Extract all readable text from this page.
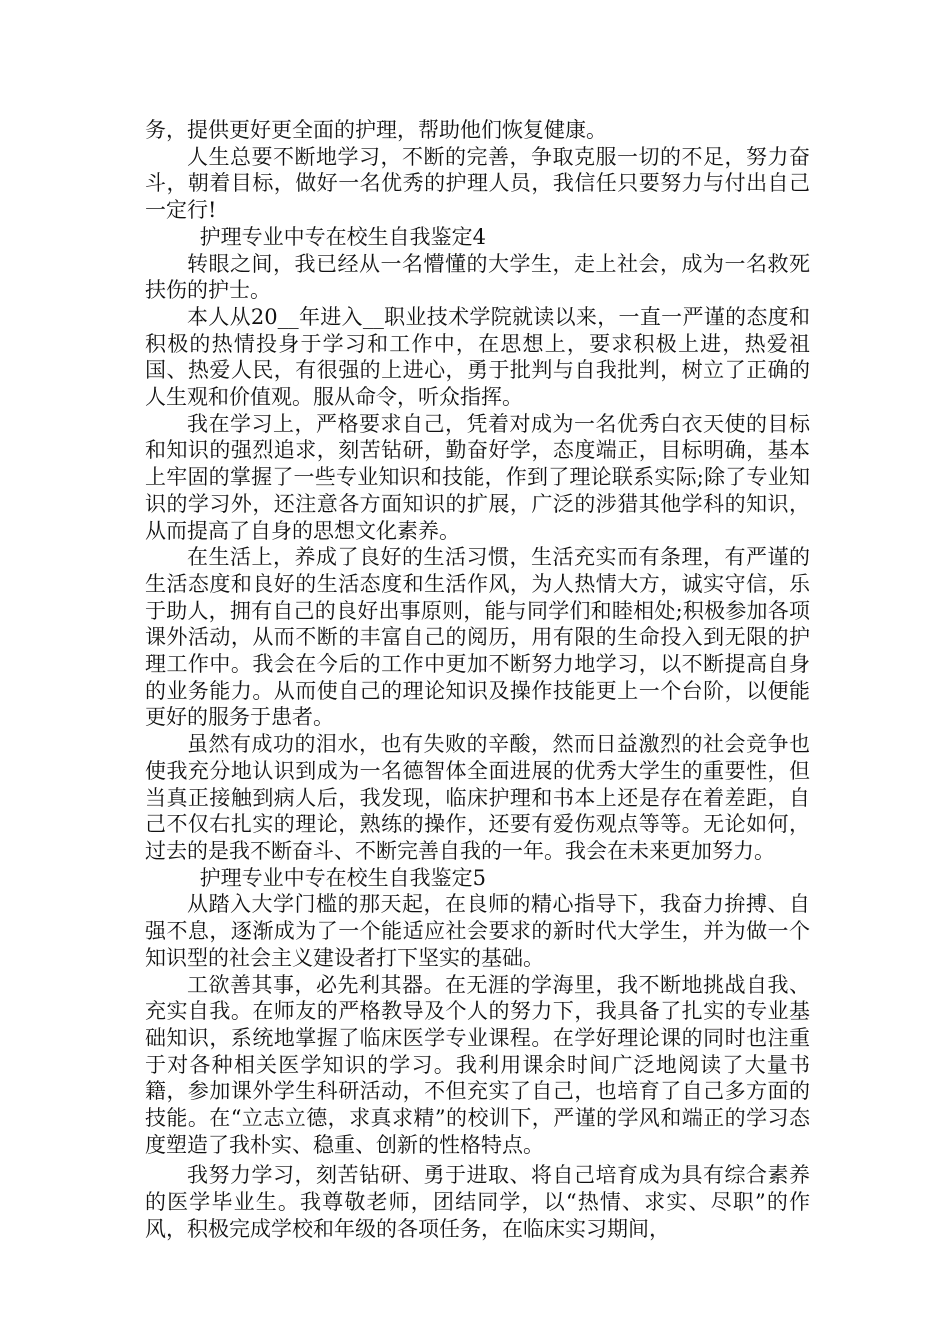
务，提供更好更全面的护理，帮助他们恢复健康。

人生总要不断地学习，不断的完善，争取克服一切的不足，努力奋斗，朝着目标，做好一名优秀的护理人员，我信任只要努力与付出自己一定行!

护理专业中专在校生自我鉴定4

转眼之间，我已经从一名懵懂的大学生，走上社会，成为一名救死扶伤的护士。

本人从20__年进入__职业技术学院就读以来，一直一严谨的态度和积极的热情投身于学习和工作中，在思想上，要求积极上进，热爱祖国、热爱人民，有很强的上进心，勇于批判与自我批判，树立了正确的人生观和价值观。服从命令，听众指挥。

我在学习上，严格要求自己，凭着对成为一名优秀白衣天使的目标和知识的强烈追求，刻苦钻研，勤奋好学，态度端正，目标明确，基本上牢固的掌握了一些专业知识和技能，作到了理论联系实际;除了专业知识的学习外，还注意各方面知识的扩展，广泛的涉猎其他学科的知识，从而提高了自身的思想文化素养。

在生活上，养成了良好的生活习惯，生活充实而有条理，有严谨的生活态度和良好的生活态度和生活作风，为人热情大方，诚实守信，乐于助人，拥有自己的良好出事原则，能与同学们和睦相处;积极参加各项课外活动，从而不断的丰富自己的阅历，用有限的生命投入到无限的护理工作中。我会在今后的工作中更加不断努力地学习，以不断提高自身的业务能力。从而使自己的理论知识及操作技能更上一个台阶，以便能更好的服务于患者。

虽然有成功的泪水，也有失败的辛酸，然而日益激烈的社会竞争也使我充分地认识到成为一名德智体全面进展的优秀大学生的重要性，但当真正接触到病人后，我发现，临床护理和书本上还是存在着差距，自己不仅右扎实的理论，熟练的操作，还要有爱伤观点等等。无论如何，过去的是我不断奋斗、不断完善自我的一年。我会在未来更加努力。

护理专业中专在校生自我鉴定5

从踏入大学门槛的那天起，在良师的精心指导下，我奋力拚搏、自强不息，逐渐成为了一个能适应社会要求的新时代大学生，并为做一个知识型的社会主义建设者打下坚实的基础。

工欲善其事，必先利其器。在无涯的学海里，我不断地挑战自我、充实自我。在师友的严格教导及个人的努力下，我具备了扎实的专业基础知识，系统地掌握了临床医学专业课程。在学好理论课的同时也注重于对各种相关医学知识的学习。我利用课余时间广泛地阅读了大量书籍，参加课外学生科研活动，不但充实了自己，也培育了自己多方面的技能。在“立志立德，求真求精”的校训下，严谨的学风和端正的学习态度塑造了我朴实、稳重、创新的性格特点。

我努力学习，刻苦钻研、勇于进取、将自己培育成为具有综合素养的医学毕业生。我尊敬老师，团结同学，以“热情、求实、尽职”的作风，积极完成学校和年级的各项任务，在临床实习期间，
